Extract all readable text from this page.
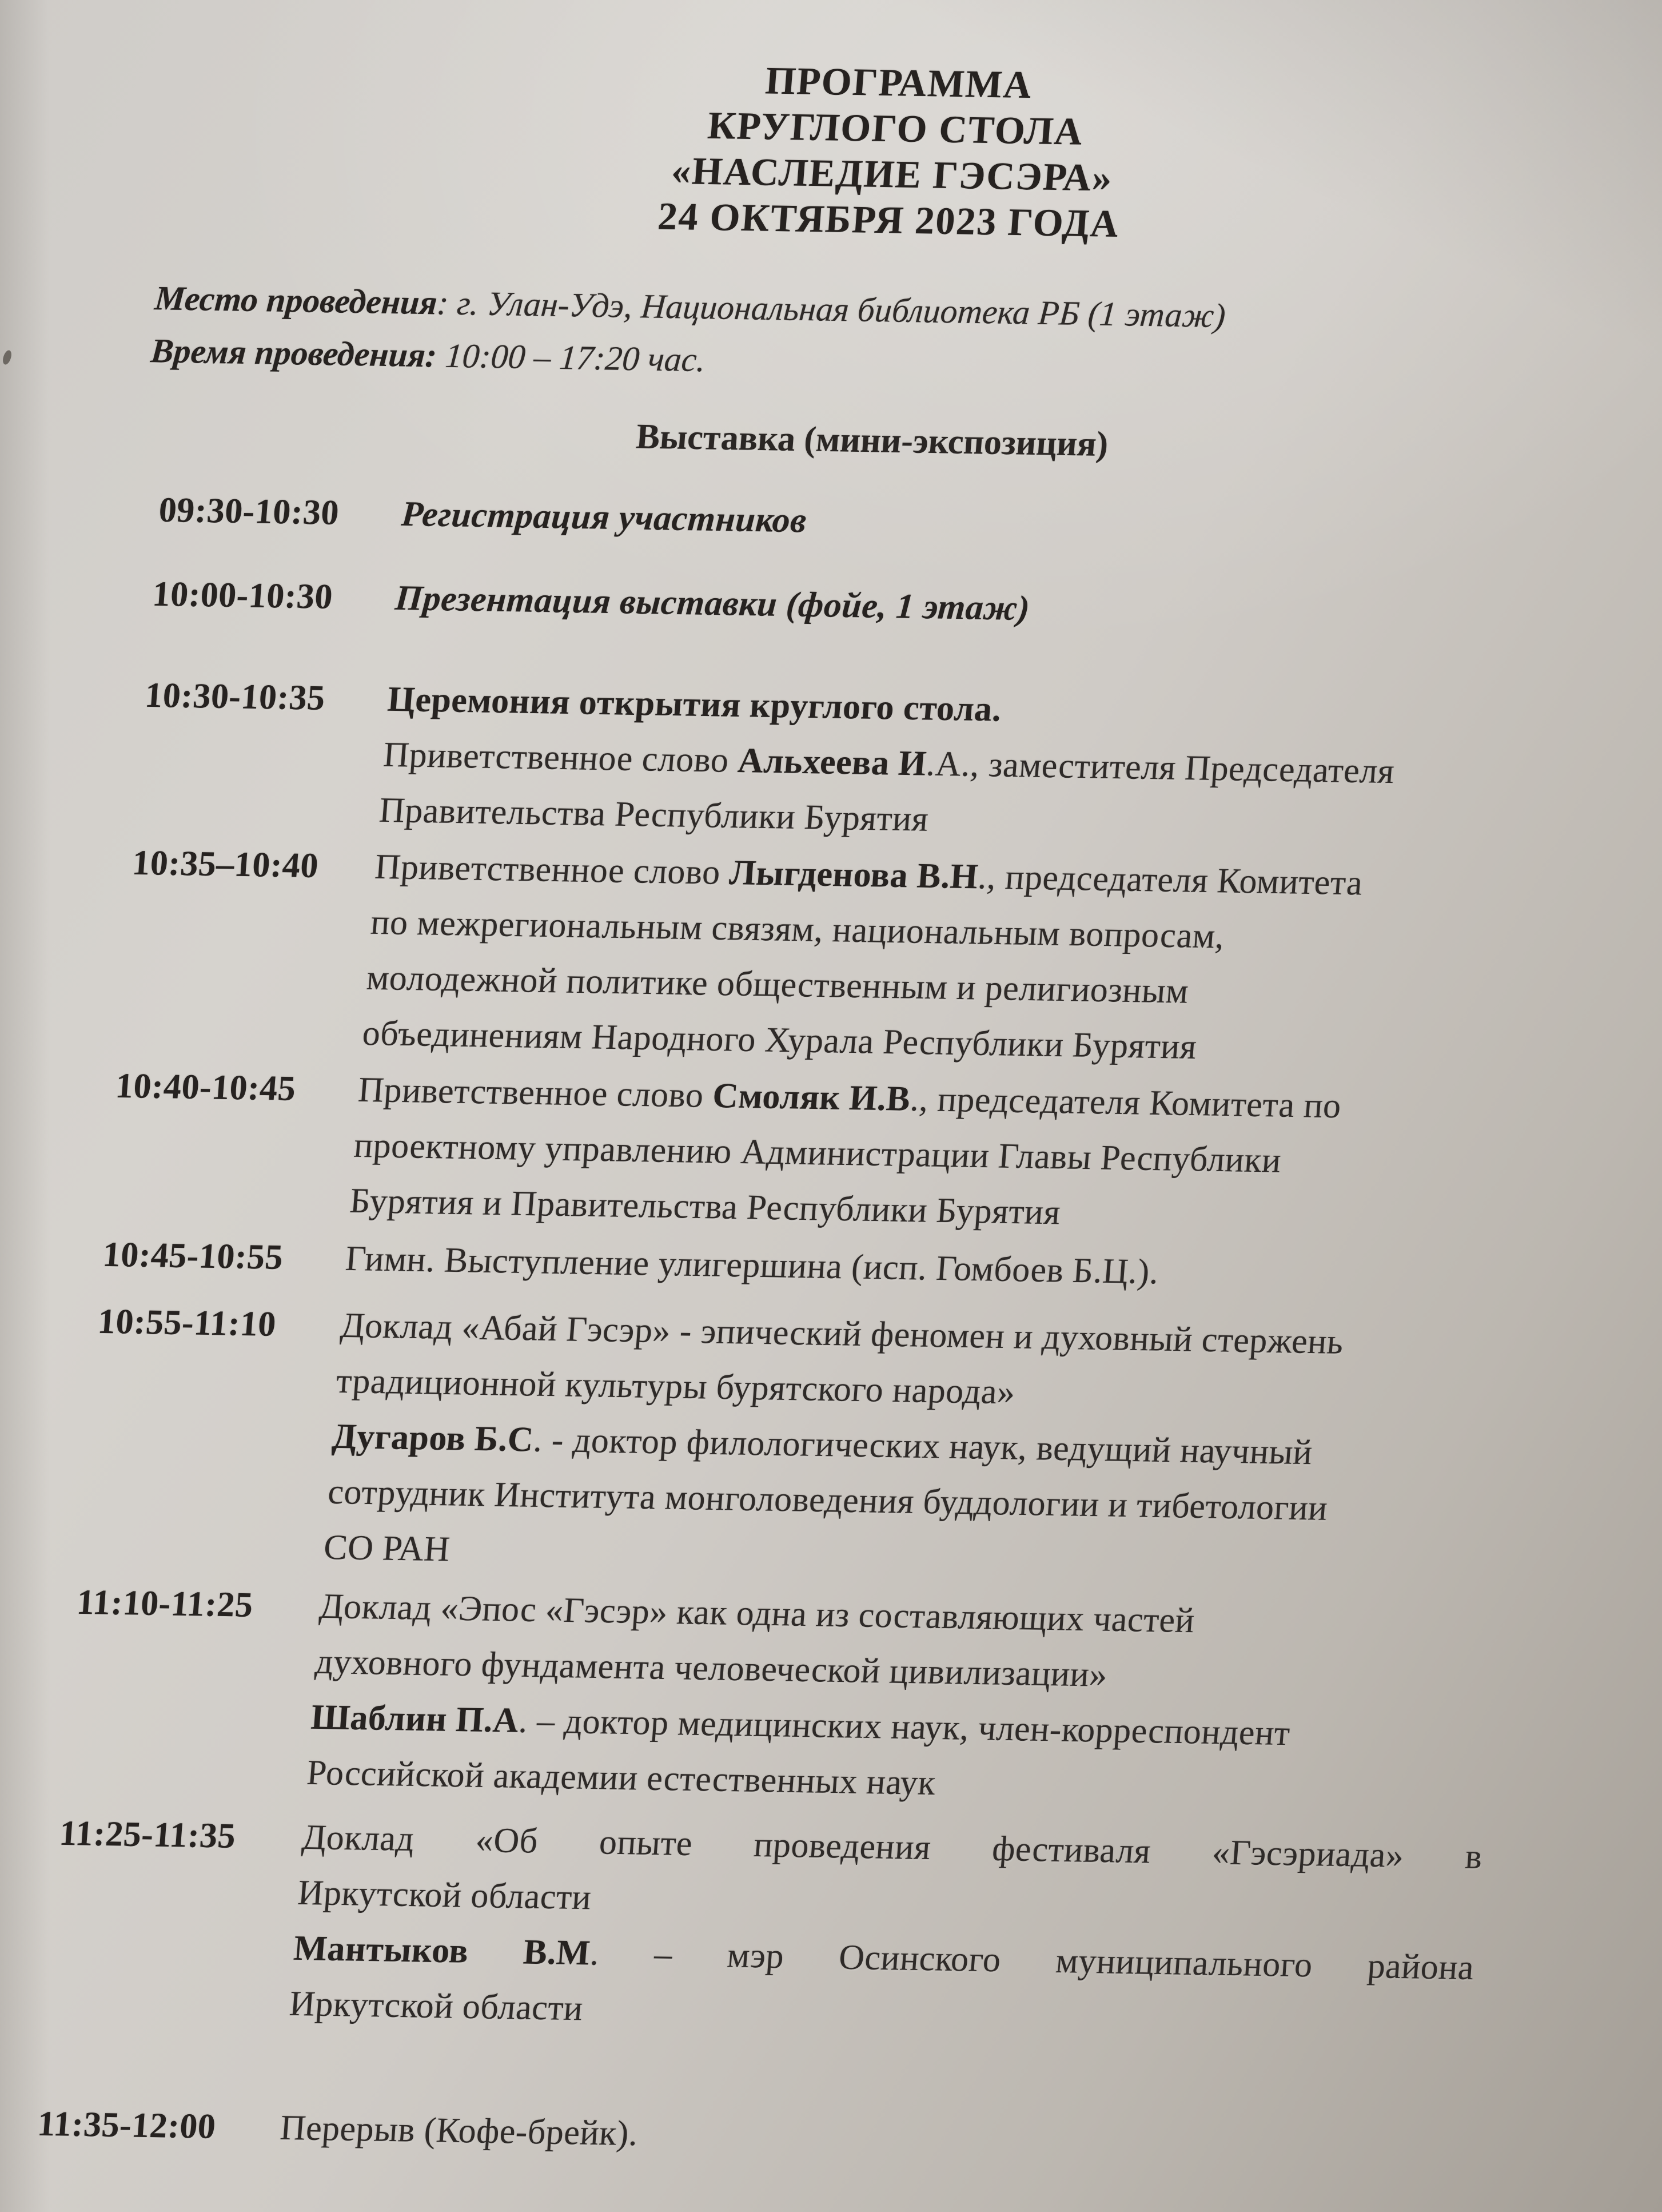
ПРОГРАММА
КРУГЛОГО СТОЛА
«НАСЛЕДИЕ ГЭСЭРА»
24 ОКТЯБРЯ 2023 ГОДА
Место проведения: г. Улан-Удэ, Национальная библиотека РБ (1 этаж)
Время проведения: 10:00 – 17:20 час.
Выставка (мини-экспозиция)
09:30-10:30	Регистрация участников
10:00-10:30	Презентация выставки (фойе, 1 этаж)
10:30-10:35	Церемония открытия круглого стола.
Приветственное слово Альхеева И.А., заместителя Председателя
Правительства Республики Бурятия
10:35–10:40	Приветственное слово Лыгденова В.Н., председателя Комитета
по межрегиональным связям, национальным вопросам,
молодежной политике общественным и религиозным
объединениям Народного Хурала Республики Бурятия
10:40-10:45	Приветственное слово Смоляк И.В., председателя Комитета по
проектному управлению Администрации Главы Республики
Бурятия и Правительства Республики Бурятия
10:45-10:55	Гимн. Выступление улигершина (исп. Гомбоев Б.Ц.).
10:55-11:10	Доклад «Абай Гэсэр» - эпический феномен и духовный стержень
традиционной культуры бурятского народа»
Дугаров Б.С. - доктор филологических наук, ведущий научный
сотрудник Института монголоведения буддологии и тибетологии
СО РАН
11:10-11:25	Доклад «Эпос «Гэсэр» как одна из составляющих частей
духовного фундамента человеческой цивилизации»
Шаблин П.А. – доктор медицинских наук, член-корреспондент
Российской академии естественных наук
11:25-11:35	Доклад «Об опыте проведения фестиваля «Гэсэриада» в
Иркутской области
Мантыков В.М. – мэр Осинского муниципального района
Иркутской области
11:35-12:00	Перерыв (Кофе-брейк).
